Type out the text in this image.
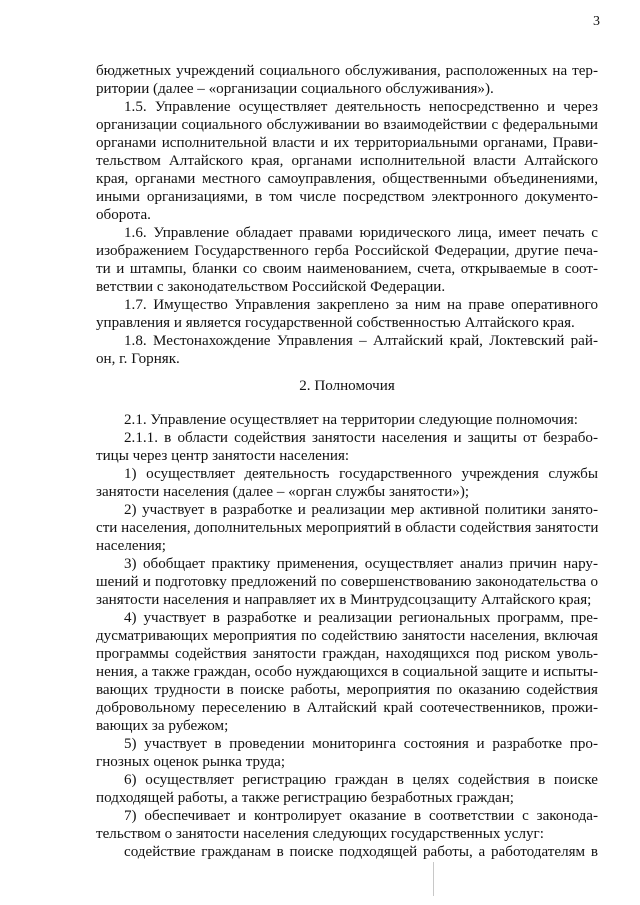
3
бюджетных учреждений социального обслуживания, расположенных на тер-
ритории (далее – «организации социального обслуживания»).
1.5. Управление осуществляет деятельность непосредственно и через
организации социального обслуживании во взаимодействии с федеральными
органами исполнительной власти и их территориальными органами, Прави-
тельством Алтайского края, органами исполнительной власти Алтайского
края, органами местного самоуправления, общественными объединениями,
иными организациями, в том числе посредством электронного документо-
оборота.
1.6. Управление обладает правами юридического лица, имеет печать с
изображением Государственного герба Российской Федерации, другие печа-
ти и штампы, бланки со своим наименованием, счета, открываемые в соот-
ветствии с законодательством Российской Федерации.
1.7. Имущество Управления закреплено за ним на праве оперативного
управления и является государственной собственностью Алтайского края.
1.8. Местонахождение Управления – Алтайский край, Локтевский рай-
он, г. Горняк.
2. Полномочия
2.1. Управление осуществляет на территории следующие полномочия:
2.1.1. в области содействия занятости населения и защиты от безрабо-
тицы через центр занятости населения:
1) осуществляет деятельность государственного учреждения службы
занятости населения (далее – «орган службы занятости»);
2) участвует в разработке и реализации мер активной политики занято-
сти населения, дополнительных мероприятий в области содействия занятости
населения;
3) обобщает практику применения, осуществляет анализ причин нару-
шений и подготовку предложений по совершенствованию законодательства о
занятости населения и направляет их в Минтрудсоцзащиту Алтайского края;
4) участвует в разработке и реализации региональных программ, пре-
дусматривающих мероприятия по содействию занятости населения, включая
программы содействия занятости граждан, находящихся под риском уволь-
нения, а также граждан, особо нуждающихся в социальной защите и испыты-
вающих трудности в поиске работы, мероприятия по оказанию содействия
добровольному переселению в Алтайский край соотечественников, прожи-
вающих за рубежом;
5) участвует в проведении мониторинга состояния и разработке про-
гнозных оценок рынка труда;
6) осуществляет регистрацию граждан в целях содействия в поиске
подходящей работы, а также регистрацию безработных граждан;
7) обеспечивает и контролирует оказание в соответствии с законода-
тельством о занятости населения следующих государственных услуг:
содействие гражданам в поиске подходящей работы, а работодателям в
